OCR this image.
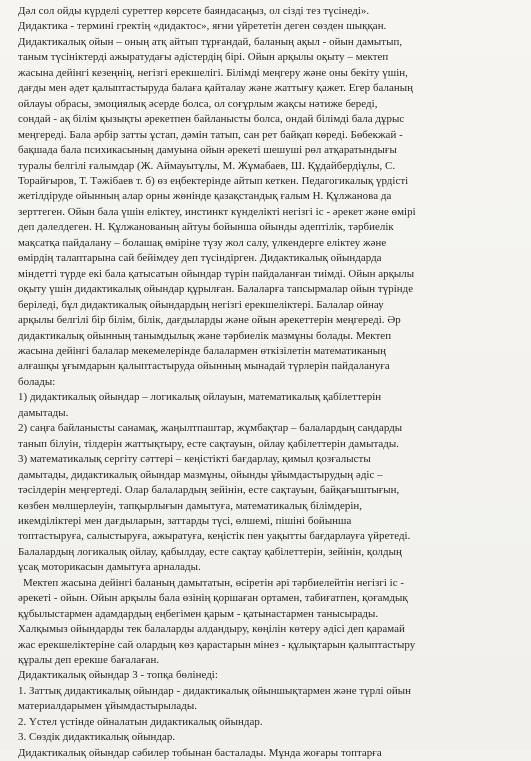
Дəл сол ойды күрделі суреттер көрсете баяндасаңыз, ол сізді тез түсінеді».
Дидактика - термині гректің «дидактос», яғни үйрететін деген сөзден шыққан.
Дидактикалық ойын – оның атқ айтып тұрғандай, баланың ақыл - ойын дамытып,
таным түсініктерді ажыратудағы əдістердің бірі. Ойын арқылы оқыту – мектеп
жасына дейінгі кезеңнің, негізгі ерекшелігі. Білімді меңгеру жəне оны бекіту үшін,
дағды мен əдет қалыптастыруда балаға қайталау жəне жаттығу қажет. Егер баланың
ойлауы обрасы, эмоциялық əсерде болса, ол соғұрлым жақсы нəтиже береді,
сондай - ақ білім қызықты əрекетпен байланысты болса, ондай білімді бала дұрыс
меңгереді. Бала əрбір затты ұстап, дəмін татып, сан рет байқап көреді. Бөбекжай -
бақшада бала психикасының дамуына ойын əрекеті шешуші рөл атқаратындығы
туралы белгілі ғалымдар (Ж. Аймауытұлы, М. Жұмабаев, Ш. Құдайбердіұлы, С.
Торайғыров, Т. Тəжібаев т. б) өз еңбектерінде айтып кеткен. Педагогикалық үрдісті
жетілдіруде ойынның алар орны жөнінде қазақстандық ғалым Н. Құлжанова да
зерттеген. Ойын бала үшін еліктеу, инстинкт күнделікті негізгі іс - əрекет жəне өмірі
деп дəлелдеген. Н. Құлжанованың айтуы бойынша ойынды əдептілік, тəрбиелік
мақсатқа пайдалану – болашақ өміріне түзу жол салу, үлкендерге еліктеу жəне
өмірдің талаптарына сай бейімдеу деп түсіндірген. Дидактикалық ойындарда
міндетті түрде екі бала қатысатын ойындар түрін пайдаланған тиімді. Ойын арқылы
оқыту үшін дидактикалық ойындар құрылған. Балаларға тапсырмалар ойын түрінде
беріледі, бұл дидактикалық ойындардың негізгі ерекшеліктері. Балалар ойнау
арқылы белгілі бір білім, білік, дағдыларды және ойын әрекеттерін меңгереді. Әр
дидактикалық ойынның танымдылық және тәрбиелік мазмұны болады. Мектеп
жасына дейінгі балалар мекемелерінде балалармен өткізілетін математиканың
алғашқы ұғымдарын қалыптастыруда ойынның мынадай түрлерін пайдалануға
болады:
1) дидактикалық ойындар – логикалық ойлауын, математикалық қабілеттерін
дамытады.
2) саңға байланысты санамақ, жаңылтпаштар, жұмбақтар – балалардың сандарды
танып білуін, тілдерін жаттықтыру, есте сақтауын, ойлау қабілеттерін дамытады.
3) математикалық сергіту сәттері – кеңістікті бағдарлау, қимыл қозғалысты
дамытады, дидактикалық ойындар мазмұны, ойынды ұйымдастырудың әдіс –
тәсілдерін меңгертеді. Олар балалардың зейінін, есте сақтауын, байқағыштығын,
көзбен мөлшерлеуін, тапқырлығын дамытуға, математикалық білімдерін,
икемділіктері мен дағдыларын, заттарды түсі, өлшемі, пішіні бойынша
топтастыруға, салыстыруға, ажыратуға, кеңістік пен уақытты бағдарлауға үйретеді.
Балалардың логикалық ойлау, қабылдау, есте сақтау қабілеттерін, зейінін, қолдың
ұсақ моторикасын дамытуға арналады.
Мектеп жасына дейінгі баланың дамытатын, өсіретін әрі тәрбиелейтін негізгі іс -
әрекеті - ойын. Ойын арқылы бала өзінің қоршаған ортамен, табиғатпен, қоғамдық
құбылыстармен адамдардың еңбегімен қарым - қатынастармен танысырады.
Халқымыз ойындарды тек балаларды алдандыру, көңілін көтеру әдісі деп қарамай
жас ерекшеліктеріне сай олардың көз қарастарын мінез - құлықтарын қалыптастыру
құралы деп ерекше бағалаған.
Дидактикалық ойындар 3 - топқа бөлінеді:
1. Заттық дидактикалық ойындар - дидактикалық ойыншықтармен жəне түрлі ойын
материалдарымен ұйымдастырылады.
2. Үстел үстінде ойналатын дидактикалық ойындар.
3. Сөздік дидактикалық ойындар.
Дидактикалық ойындар сəбилер тобынан басталады. Мұнда жоғары топтарға
